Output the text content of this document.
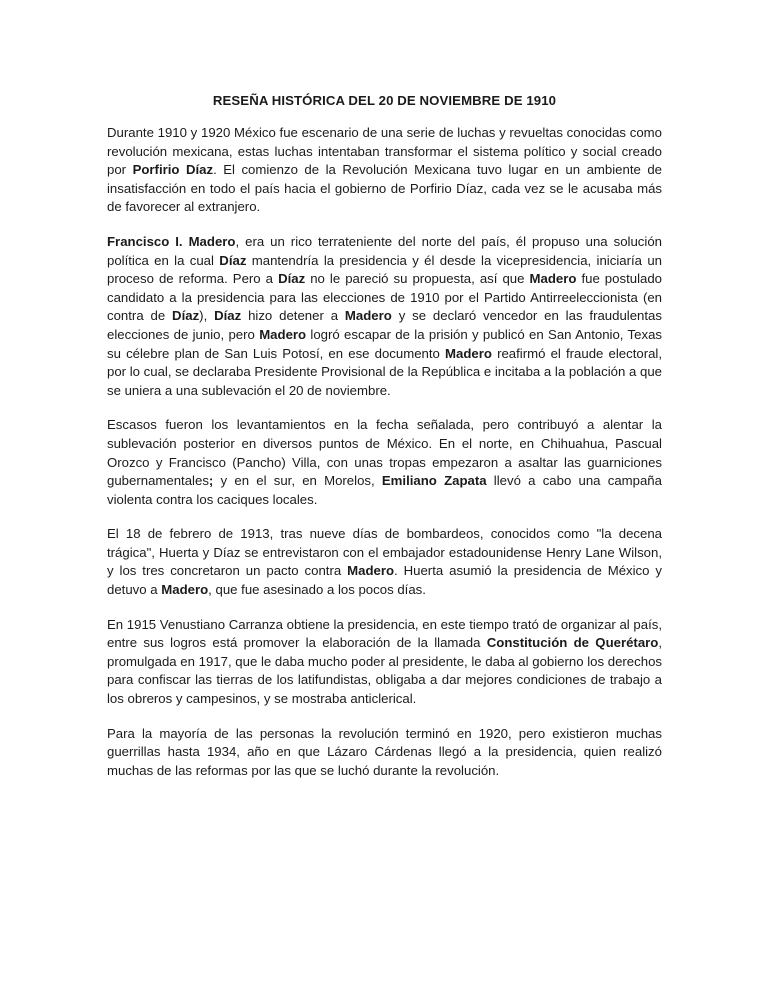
RESEÑA HISTÓRICA DEL 20 DE NOVIEMBRE DE 1910

Durante 1910 y 1920 México fue escenario de una serie de luchas y revueltas conocidas como revolución mexicana, estas luchas intentaban transformar el sistema político y social creado por Porfirio Díaz. El comienzo de la Revolución Mexicana tuvo lugar en un ambiente de insatisfacción en todo el país hacia el gobierno de Porfirio Díaz, cada vez se le acusaba más de favorecer al extranjero.

Francisco I. Madero, era un rico terrateniente del norte del país, él propuso una solución política en la cual Díaz mantendría la presidencia y él desde la vicepresidencia, iniciaría un proceso de reforma. Pero a Díaz no le pareció su propuesta, así que Madero fue postulado candidato a la presidencia para las elecciones de 1910 por el Partido Antirreeleccionista (en contra de Díaz), Díaz hizo detener a Madero y se declaró vencedor en las fraudulentas elecciones de junio, pero Madero logró escapar de la prisión y publicó en San Antonio, Texas su célebre plan de San Luis Potosí, en ese documento Madero reafirmó el fraude electoral, por lo cual, se declaraba Presidente Provisional de la República e incitaba a la población a que se uniera a una sublevación el 20 de noviembre.

Escasos fueron los levantamientos en la fecha señalada, pero contribuyó a alentar la sublevación posterior en diversos puntos de México. En el norte, en Chihuahua, Pascual Orozco y Francisco (Pancho) Villa, con unas tropas empezaron a asaltar las guarniciones gubernamentales; y en el sur, en Morelos, Emiliano Zapata llevó a cabo una campaña violenta contra los caciques locales.

El 18 de febrero de 1913, tras nueve días de bombardeos, conocidos como "la decena trágica", Huerta y Díaz se entrevistaron con el embajador estadounidense Henry Lane Wilson, y los tres concretaron un pacto contra Madero. Huerta asumió la presidencia de México y detuvo a Madero, que fue asesinado a los pocos días.

En 1915 Venustiano Carranza obtiene la presidencia, en este tiempo trató de organizar al país, entre sus logros está promover la elaboración de la llamada Constitución de Querétaro, promulgada en 1917, que le daba mucho poder al presidente, le daba al gobierno los derechos para confiscar las tierras de los latifundistas, obligaba a dar mejores condiciones de trabajo a los obreros y campesinos, y se mostraba anticlerical.

Para la mayoría de las personas la revolución terminó en 1920, pero existieron muchas guerrillas hasta 1934, año en que Lázaro Cárdenas llegó a la presidencia, quien realizó muchas de las reformas por las que se luchó durante la revolución.
